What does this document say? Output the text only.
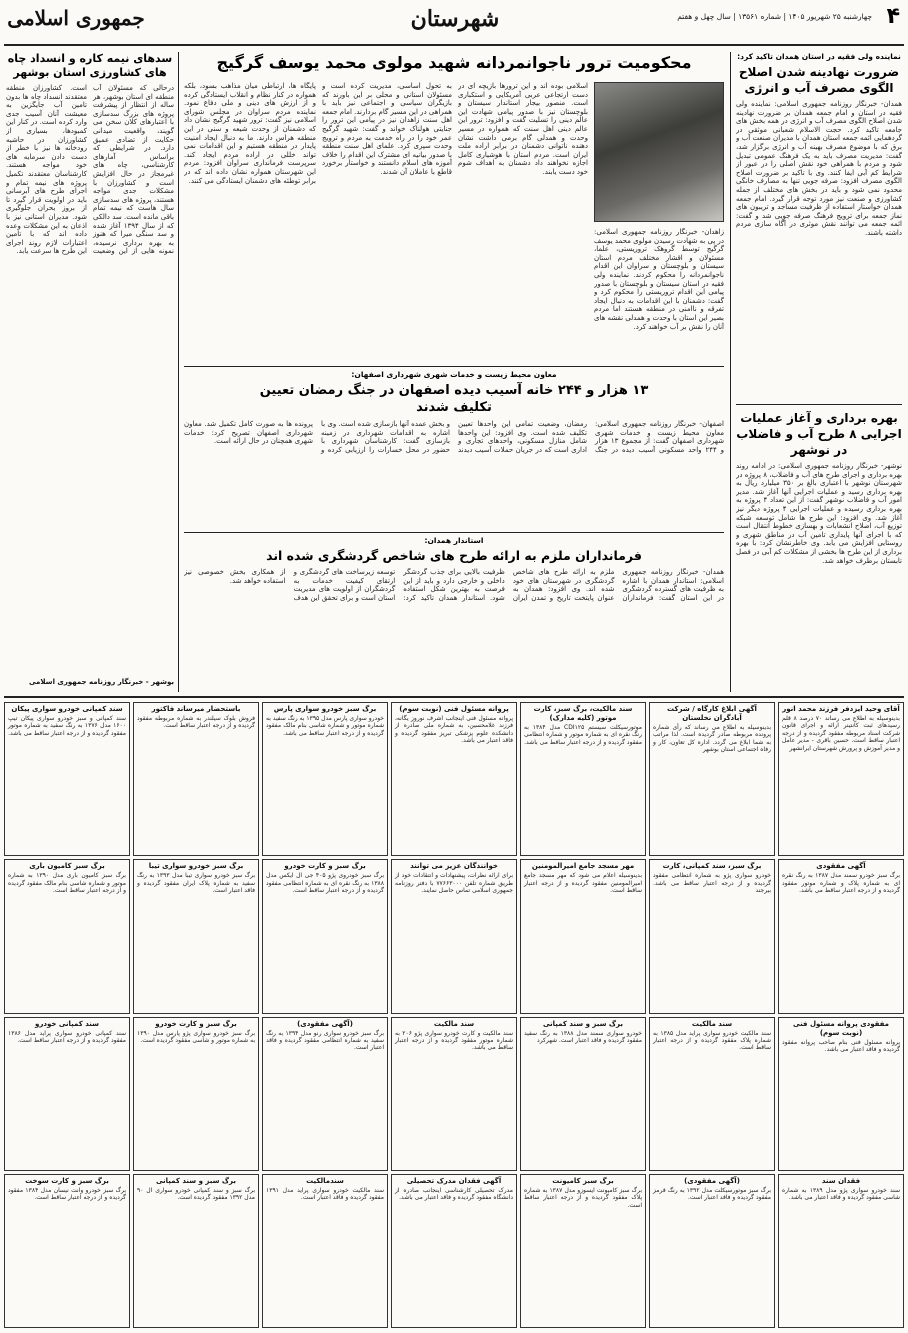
۴
چهارشنبه ۲۵ شهریور ۱۴۰۵ | شماره ۱۳۵۶۱ | سال چهل و هفتم
شهرستان
جمهوری اسلامی
نماینده ولی فقیه در استان همدان تاکید کرد:
ضرورت نهادینه شدن اصلاح الگوی مصرف آب و انرژی
همدان- خبرنگار روزنامه جمهوری اسلامی: نماینده ولی فقیه در استان و امام جمعه همدان بر ضرورت نهادینه شدن اصلاح الگوی مصرف آب و انرژی در همه بخش های جامعه تاکید کرد. حجت الاسلام شعبانی موثقی در گردهمایی ائمه جمعه استان همدان با مدیران صنعت آب و برق که با موضوع مصرف بهینه آب و انرژی برگزار شد، گفت: مدیریت مصرف باید به یک فرهنگ عمومی تبدیل شود و مردم با همراهی خود نقش اصلی را در عبور از شرایط کم آبی ایفا کنند. وی با تاکید بر ضرورت اصلاح الگوی مصرف افزود: صرفه جویی تنها به مصارف خانگی محدود نمی شود و باید در بخش های مختلف از جمله کشاورزی و صنعت نیز مورد توجه قرار گیرد. امام جمعه همدان خواستار استفاده از ظرفیت مساجد و تریبون های نماز جمعه برای ترویج فرهنگ صرفه جویی شد و گفت: ائمه جمعه می توانند نقش موثری در آگاه سازی مردم داشته باشند.
بهره برداری و آغاز عملیات اجرایی ۸ طرح آب و فاضلاب در نوشهر
نوشهر- خبرنگار روزنامه جمهوری اسلامی: در ادامه روند بهره برداری و اجرای طرح های آب و فاضلاب، ۸ پروژه در شهرستان نوشهر با اعتباری بالغ بر ۳۵۰ میلیارد ریال به بهره برداری رسید و عملیات اجرایی آنها آغاز شد. مدیر امور آب و فاضلاب نوشهر گفت: از این تعداد ۴ پروژه به بهره برداری رسیده و عملیات اجرایی ۴ پروژه دیگر نیز آغاز شد. وی افزود: این طرح ها شامل توسعه شبکه توزیع آب، اصلاح انشعابات و بهسازی خطوط انتقال است که با اجرای آنها پایداری تامین آب در مناطق شهری و روستایی افزایش می یابد. وی خاطرنشان کرد: با بهره برداری از این طرح ها بخشی از مشکلات کم آبی در فصل تابستان برطرف خواهد شد.
محکومیت ترور ناجوانمردانه شهید مولوی محمد یوسف گرگیج
زاهدان- خبرنگار روزنامه جمهوری اسلامی: در پی به شهادت رسیدن مولوی محمد یوسف گرگیج توسط گروهک تروریستی، علما، مسئولان و اقشار مختلف مردم استان سیستان و بلوچستان و سراوان این اقدام ناجوانمردانه را محکوم کردند. نماینده ولی فقیه در استان سیستان و بلوچستان با صدور پیامی این اقدام تروریستی را محکوم کرد و گفت: دشمنان با این اقدامات به دنبال ایجاد تفرقه و ناامنی در منطقه هستند اما مردم بصیر این استان با وحدت و همدلی نقشه های آنان را نقش بر آب خواهند کرد.
اسلامی بوده اند و این ترورها بازیچه ای در دست ارتجاعی عربی آمریکایی و استکباری است. منصور بیجار استاندار سیستان و بلوچستان نیز با صدور پیامی شهادت این عالم دینی را تسلیت گفت و افزود: ترور این عالم دینی اهل سنت که همواره در مسیر وحدت و همدلی گام برمی داشت نشان دهنده ناتوانی دشمنان در برابر اراده ملت ایران است. مردم استان با هوشیاری کامل اجازه نخواهند داد دشمنان به اهداف شوم خود دست یابند.
به تحول اساسی، مدیریت کرده است و مسئولان استانی و محلی بر این باورند که بازیگران سیاسی و اجتماعی نیز باید با همراهی در این مسیر گام بردارند. امام جمعه اهل سنت زاهدان نیز در پیامی این ترور را جنایتی هولناک خواند و گفت: شهید گرگیج عمر خود را در راه خدمت به مردم و ترویج وحدت سپری کرد. علمای اهل سنت منطقه با صدور بیانیه ای مشترک این اقدام را خلاف آموزه های اسلام دانستند و خواستار برخورد قاطع با عاملان آن شدند.
پایگاه ها، ارتباطی میان مذاهب بسود، بلکه همواره در کنار نظام و انقلاب ایستادگی کرده و از ارزش های دینی و ملی دفاع نمود. نماینده مردم سراوان در مجلس شورای اسلامی نیز گفت: ترور شهید گرگیج نشان داد که دشمنان از وحدت شیعه و سنی در این منطقه هراس دارند. ما به دنبال ایجاد امنیت پایدار در منطقه هستیم و این اقدامات نمی تواند خللی در اراده مردم ایجاد کند. سرپرست فرمانداری سراوان افزود: مردم این شهرستان همواره نشان داده اند که در برابر توطئه های دشمنان ایستادگی می کنند.
معاون محیط زیست و خدمات شهری شهرداری اصفهان:
۱۳ هزار و ۲۴۴ خانه آسیب دیده اصفهان در جنگ رمضان تعیین تکلیف شدند
اصفهان- خبرنگار روزنامه جمهوری اسلامی: معاون محیط زیست و خدمات شهری شهرداری اصفهان گفت: از مجموع ۱۳ هزار و ۲۴۴ واحد مسکونی آسیب دیده در جنگ رمضان، وضعیت تمامی این واحدها تعیین تکلیف شده است. وی افزود: این واحدها شامل منازل مسکونی، واحدهای تجاری و اداری است که در جریان حملات آسیب دیدند و بخش عمده آنها بازسازی شده است. وی با اشاره به اقدامات شهرداری در زمینه بازسازی گفت: کارشناسان شهرداری با حضور در محل خسارات را ارزیابی کرده و پرونده ها به صورت کامل تکمیل شد. معاون شهرداری اصفهان تصریح کرد: خدمات شهری همچنان در حال ارائه است.
استاندار همدان:
فرمانداران ملزم به ارائه طرح های شاخص گردشگری شده اند
همدان- خبرنگار روزنامه جمهوری اسلامی: استاندار همدان با اشاره به ظرفیت های گسترده گردشگری در این استان گفت: فرمانداران ملزم به ارائه طرح های شاخص گردشگری در شهرستان های خود شده اند. وی افزود: همدان به عنوان پایتخت تاریخ و تمدن ایران ظرفیت بالایی برای جذب گردشگر داخلی و خارجی دارد و باید از این فرصت به بهترین شکل استفاده شود. استاندار همدان تاکید کرد: توسعه زیرساخت های گردشگری و ارتقای کیفیت خدمات به گردشگران از اولویت های مدیریت استان است و برای تحقق این هدف از همکاری بخش خصوصی نیز استفاده خواهد شد.
سدهای نیمه کاره و انسداد چاه های کشاورزی استان بوشهر
درحالی که مسئولان آب منطقه ای استان بوشهر، هر ساله از انتظار از پیشرفت پروژه های بزرگ سدسازی با اعتبارهای کلان سخن می گویند، واقعیت میدانی حکایت از تضادی عمیق دارد. در شرایطی که براساس آمارهای کارشناسی، چاه های غیرمجاز در حال افزایش است و کشاورزان با مشکلات جدی مواجه هستند، پروژه های سدسازی سال هاست که نیمه تمام باقی مانده است. سد دالکی که از سال ۱۳۹۴ آغاز شده و سد سنگی میرا که هنوز به بهره برداری نرسیده، نمونه هایی از این وضعیت است. کشاورزان منطقه معتقدند انسداد چاه ها بدون تامین آب جایگزین به معیشت آنان آسیب جدی وارد کرده است. در کنار این کمبودها، بسیاری از کشاورزان در حاشیه رودخانه ها نیز با خطر از دست دادن سرمایه های خود مواجه هستند. کارشناسان معتقدند تکمیل پروژه های نیمه تمام و اجرای طرح های آبرسانی باید در اولویت قرار گیرد تا از بروز بحران جلوگیری شود. مدیران استانی نیز با اذعان به این مشکلات وعده داده اند که با تامین اعتبارات لازم روند اجرای این طرح ها سرعت یابد.
بوشهر - خبرنگار روزنامه جمهوری اسلامی
آقای وحید ایزدفر فرزند محمد انور
بدینوسیله به اطلاع می رساند ۷۰ درصد ۸ قلم رسیدهای ثبت کانتینر ارائه و اجرای قانون شرکت اسناد مربوطه مفقود گردیده و از درجه اعتبار ساقط است. حسین باقری - مدیر عامل و مدیر آموزش و پرورش شهرستان ایرانشهر
آگهی ابلاغ کارگاه / شرکت آبادگران نخلستان
بدینوسیله به اطلاع می رساند که رأی شماره پرونده مربوطه صادر گردیده است. لذا مراتب به شما ابلاغ می گردد. اداره کل تعاون، کار و رفاه اجتماعی استان بوشهر
سند مالکیت، برگ سبز، کارت موتور (کلیه مدارک)
موتورسیکلت سیستم CDI۱۲۵ مدل ۱۳۸۴ به رنگ نقره ای به شماره موتور و شماره انتظامی مفقود گردیده و از درجه اعتبار ساقط می باشد.
پروانه مسئول فنی (نوبت سوم)
پروانه مسئول فنی اینجانب اشرف نوروز یگانه، فرزند غلامحسین، به شماره ملی صادره از دانشکده علوم پزشکی تبریز مفقود گردیده و فاقد اعتبار می باشد.
برگ سبز خودرو سواری پارس
خودرو سواری پارس مدل ۱۳۹۵ به رنگ سفید به شماره موتور و شماره شاسی بنام مالک مفقود گردیده و از درجه اعتبار ساقط می باشد.
باستحضار میرساند فاکتور
فروش بلوک سیلندر به شماره مربوطه مفقود گردیده و از درجه اعتبار ساقط است.
سند کمپانی خودرو سواری پیکان
سند کمپانی و سبز خودرو سواری پیکان تیپ ۱۶۰۰ مدل ۱۳۷۶ به رنگ سفید به شماره موتور مفقود گردیده و از درجه اعتبار ساقط می باشد.
آگهی مفقودی
برگ سبز خودرو سمند مدل ۱۳۸۷ به رنگ نقره ای به شماره پلاک و شماره موتور مفقود گردیده و از درجه اعتبار ساقط می باشد.
برگ سبز، سند کمپانی، کارت
خودرو سواری پژو به شماره انتظامی مفقود گردیده و از درجه اعتبار ساقط می باشد. بیرجند
مهر مسجد جامع امیرالمومنین
بدینوسیله اعلام می شود که مهر مسجد جامع امیرالمومنین مفقود گردیده و از درجه اعتبار ساقط است.
خوانندگان عزیز می توانند
برای ارائه نظرات، پیشنهادات و انتقادات خود از طریق شماره تلفن ۷۷۶۶۳۰۰۰ با دفتر روزنامه جمهوری اسلامی تماس حاصل نمایند.
برگ سبز و کارت خودرو
برگ سبز خودروی پژو ۴۰۵ جی ال ایکس مدل ۱۳۸۸ به رنگ نقره ای به شماره انتظامی مفقود گردیده و از درجه اعتبار ساقط است.
برگ سبز خودرو سواری تیبا
برگ سبز خودرو سواری تیبا مدل ۱۳۹۳ به رنگ سفید به شماره پلاک ایران مفقود گردیده و فاقد اعتبار است.
برگ سبز کامیون باری
برگ سبز کامیون باری مدل ۱۳۹۰ به شماره موتور و شماره شاسی بنام مالک مفقود گردیده و از درجه اعتبار ساقط است.
مفقودی پروانه مسئول فنی (نوبت سوم)
پروانه مسئول فنی بنام صاحب پروانه مفقود گردیده و فاقد اعتبار می باشد.
سند مالکیت
سند مالکیت خودرو سواری پراید مدل ۱۳۸۵ به شماره پلاک مفقود گردیده و از درجه اعتبار ساقط است.
برگ سبز و سند کمپانی
خودرو سواری سمند مدل ۱۳۸۸ به رنگ سفید مفقود گردیده و فاقد اعتبار است. شهرکرد
سند مالکیت
سند مالکیت و کارت خودرو سواری پژو ۲۰۶ به شماره موتور مفقود گردیده و از درجه اعتبار ساقط می باشد.
(آگهی مفقودی)
برگ سبز خودرو سواری رنو مدل ۱۳۹۴ به رنگ سفید به شماره انتظامی مفقود گردیده و فاقد اعتبار است.
برگ سبز و کارت خودرو
برگ سبز خودرو سواری پژو پارس مدل ۱۳۹۰ به شماره موتور و شاسی مفقود گردیده است.
سند کمپانی خودرو
سند کمپانی خودرو سواری پراید مدل ۱۳۸۶ مفقود گردیده و از درجه اعتبار ساقط است.
فقدان سند
سند خودرو سواری پژو مدل ۱۳۸۹ به شماره شاسی مفقود گردیده و فاقد اعتبار می باشد.
(آگهی مفقودی)
برگ سبز موتورسیکلت مدل ۱۳۹۲ به رنگ قرمز مفقود گردیده و فاقد اعتبار است.
برگ سبز کامیونت
برگ سبز کامیونت ایسوزو مدل ۱۳۸۷ به شماره پلاک مفقود گردیده و از درجه اعتبار ساقط است.
آگهی فقدان مدرک تحصیلی
مدرک تحصیلی کارشناسی اینجانب صادره از دانشگاه مفقود گردیده و فاقد اعتبار می باشد.
سندمالکیت
سند مالکیت خودرو سواری پراید مدل ۱۳۹۱ مفقود گردیده و فاقد اعتبار است.
برگ سبز و سند کمپانی
برگ سبز و سند کمپانی خودرو سواری ال ۹۰ مدل ۱۳۹۲ مفقود گردیده است.
برگ سبز و کارت سوخت
برگ سبز خودرو وانت نیسان مدل ۱۳۸۴ مفقود گردیده و از درجه اعتبار ساقط است.
